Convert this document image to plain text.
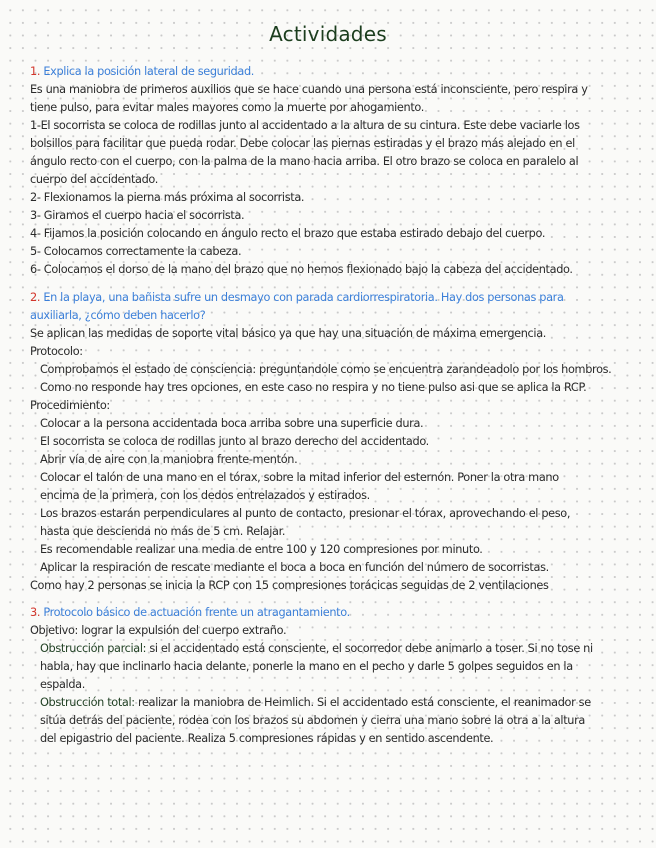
Actividades
1. Explica la posición lateral de seguridad.
Es una maniobra de primeros auxilios que se hace cuando una persona está inconsciente, pero respira y
tiene pulso, para evitar males mayores como la muerte por ahogamiento.
1-El socorrista se coloca de rodillas junto al accidentado a la altura de su cintura. Este debe vaciarle los
bolsillos para facilitar que pueda rodar. Debe colocar las piernas estiradas y el brazo más alejado en el
ángulo recto con el cuerpo, con la palma de la mano hacia arriba. El otro brazo se coloca en paralelo al
cuerpo del accidentado.
2- Flexionamos la pierna más próxima al socorrista.
3- Giramos el cuerpo hacia el socorrista.
4- Fijamos la posición colocando en ángulo recto el brazo que estaba estirado debajo del cuerpo.
5- Colocamos correctamente la cabeza.
6- Colocamos el dorso de la mano del brazo que no hemos flexionado bajo la cabeza del accidentado.
2. En la playa, una bañista sufre un desmayo con parada cardiorrespiratoria. Hay dos personas para
auxiliarla, ¿cómo deben hacerlo?
Se aplican las medidas de soporte vital básico ya que hay una situación de máxima emergencia.
Protocolo:
Comprobamos el estado de consciencia: preguntandole como se encuentra zarandeadolo por los hombros.
Como no responde hay tres opciones, en este caso no respira y no tiene pulso asi que se aplica la RCP.
Procedimiento:
Colocar a la persona accidentada boca arriba sobre una superficie dura.
El socorrista se coloca de rodillas junto al brazo derecho del accidentado.
Abrir vía de aire con la maniobra frente-mentón.
Colocar el talón de una mano en el tórax, sobre la mitad inferior del esternón. Poner la otra mano
encima de la primera, con los dedos entrelazados y estirados.
Los brazos estarán perpendiculares al punto de contacto, presionar el tórax, aprovechando el peso,
hasta que descienda no más de 5 cm. Relajar.
Es recomendable realizar una media de entre 100 y 120 compresiones por minuto.
Aplicar la respiración de rescate mediante el boca a boca en función del número de socorristas.
Como hay 2 personas se inicia la RCP con 15 compresiones torácicas seguidas de 2 ventilaciones
3. Protocolo básico de actuación frente un atragantamiento.
Objetivo: lograr la expulsión del cuerpo extraño.
Obstrucción parcial: si el accidentado está consciente, el socorredor debe animarlo a toser. Si no tose ni
habla, hay que inclinarlo hacia delante, ponerle la mano en el pecho y darle 5 golpes seguidos en la
espalda.
Obstrucción total: realizar la maniobra de Heimlich. Si el accidentado está consciente, el reanimador se
sitúa detrás del paciente, rodea con los brazos su abdomen y cierra una mano sobre la otra a la altura
del epigastrio del paciente. Realiza 5 compresiones rápidas y en sentido ascendente.
